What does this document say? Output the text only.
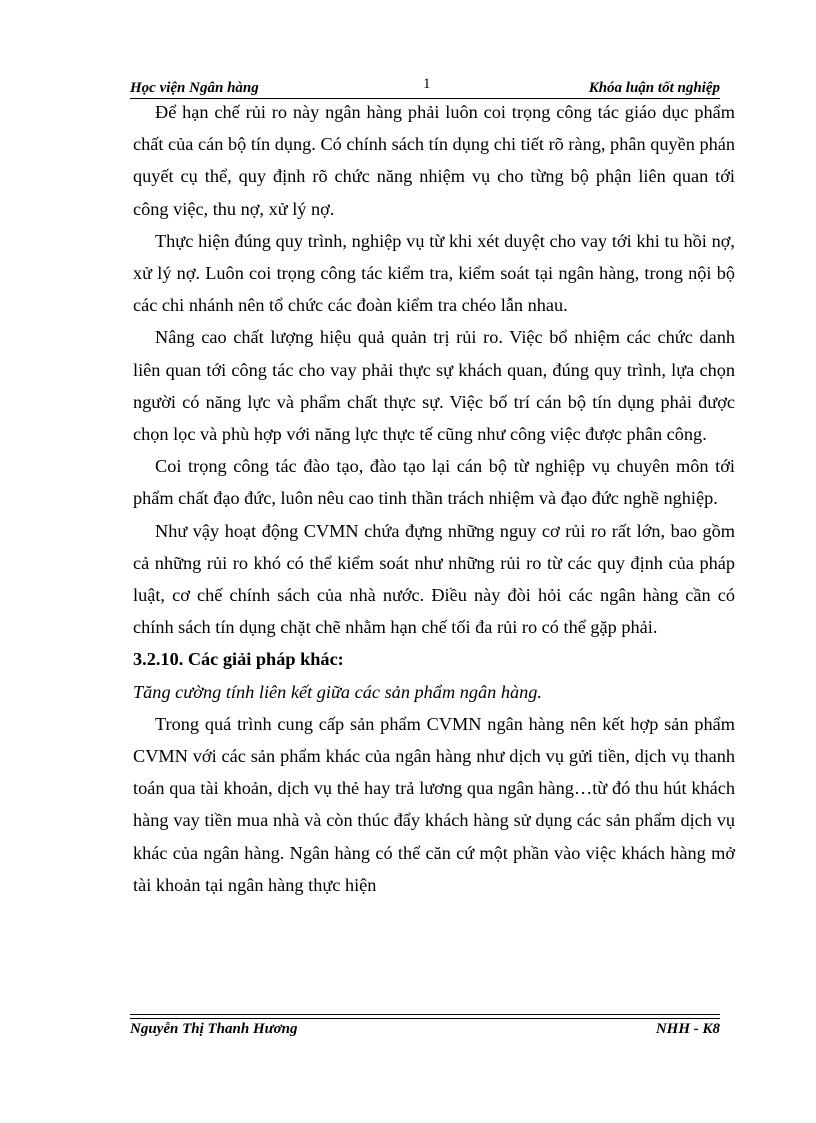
Học viện Ngân hàng	1	Khóa luận tốt nghiệp

Để hạn chế rủi ro này ngân hàng phải luôn coi trọng công tác giáo dục phẩm chất của cán bộ tín dụng. Có chính sách tín dụng chi tiết rõ ràng, phân quyền phán quyết cụ thể, quy định rõ chức năng nhiệm vụ cho từng bộ phận liên quan tới công việc, thu nợ, xử lý nợ.

Thực hiện đúng quy trình, nghiệp vụ từ khi xét duyệt cho vay tới khi tu hồi nợ, xử lý nợ. Luôn coi trọng công tác kiểm tra, kiểm soát tại ngân hàng, trong nội bộ các chi nhánh nên tổ chức các đoàn kiểm tra chéo lẫn nhau.

Nâng cao chất lượng hiệu quả quản trị rủi ro. Việc bổ nhiệm các chức danh liên quan tới công tác cho vay phải thực sự khách quan, đúng quy trình, lựa chọn người có năng lực và phẩm chất thực sự. Việc bố trí cán bộ tín dụng phải được chọn lọc và phù hợp với năng lực thực tế cũng như công việc được phân công.

Coi trọng công tác đào tạo, đào tạo lại cán bộ từ nghiệp vụ chuyên môn tới phẩm chất đạo đức, luôn nêu cao tinh thần trách nhiệm và đạo đức nghề nghiệp.

Như vậy hoạt động CVMN chứa đựng những nguy cơ rủi ro rất lớn, bao gồm cả những rủi ro khó có thể kiểm soát như những rủi ro từ các quy định của pháp luật, cơ chế chính sách của nhà nước. Điều này đòi hỏi các ngân hàng cần có chính sách tín dụng chặt chẽ nhằm hạn chế tối đa rủi ro có thể gặp phải.

3.2.10. Các giải pháp khác:

Tăng cường tính liên kết giữa các sản phẩm ngân hàng.

Trong quá trình cung cấp sản phẩm CVMN ngân hàng nên kết hợp sản phẩm CVMN với các sản phẩm khác của ngân hàng như dịch vụ gửi tiền, dịch vụ thanh toán qua tài khoản, dịch vụ thẻ hay trả lương qua ngân hàng…từ đó thu hút khách hàng vay tiền mua nhà và còn thúc đẩy khách hàng sử dụng các sản phẩm dịch vụ khác của ngân hàng. Ngân hàng có thể căn cứ một phần vào việc khách hàng mở tài khoản tại ngân hàng thực hiện

Nguyễn Thị Thanh Hương	NHH - K8
